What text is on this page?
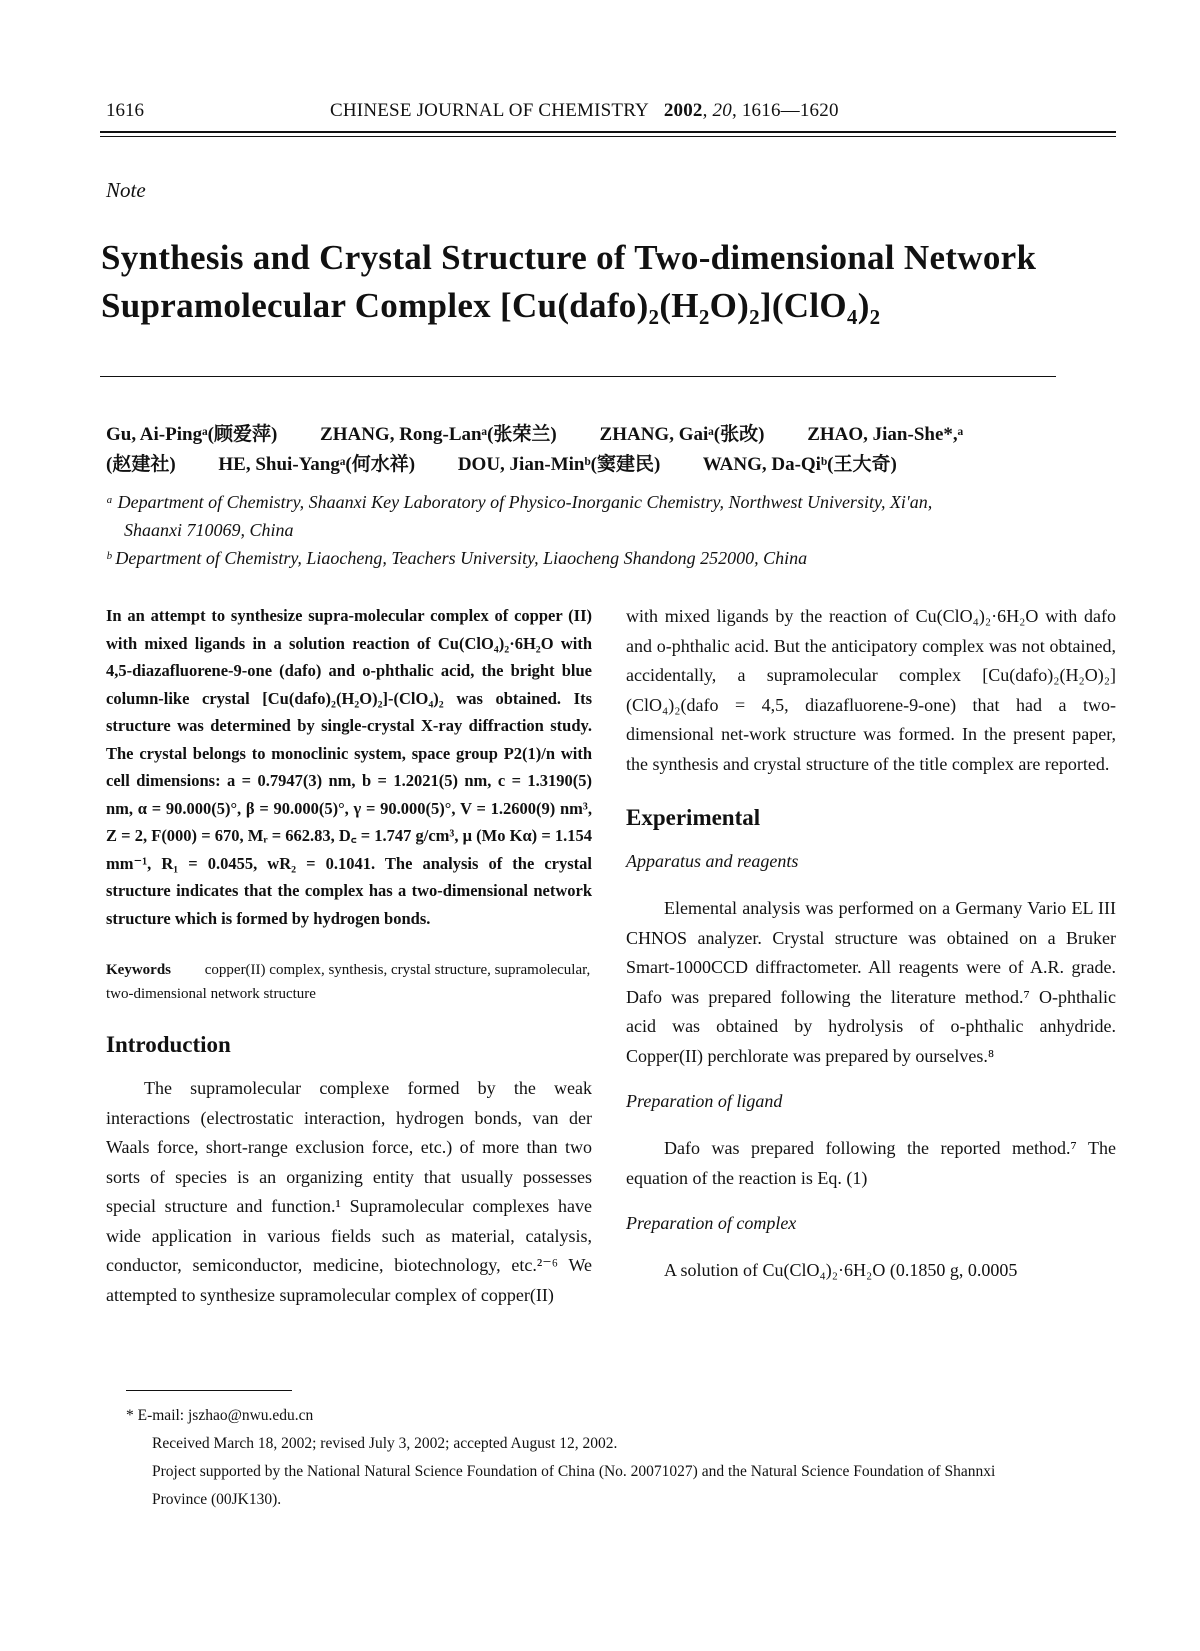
1616	CHINESE JOURNAL OF CHEMISTRY 2002, 20, 1616—1620
Note
Synthesis and Crystal Structure of Two-dimensional Network
Supramolecular Complex [Cu(dafo)₂(H₂O)₂](ClO₄)₂
Gu, Ai-Pingᵃ(顾爱萍) ZHANG, Rong-Lanᵃ(张荣兰) ZHANG, Gaiᵃ(张改) ZHAO, Jian-She*,ᵃ
(赵建社) HE, Shui-Yangᵃ(何水祥) DOU, Jian-Minᵇ(窦建民) WANG, Da-Qiᵇ(王大奇)
ᵃ Department of Chemistry, Shaanxi Key Laboratory of Physico-Inorganic Chemistry, Northwest University, Xi'an,
Shaanxi 710069, China
ᵇ Department of Chemistry, Liaocheng, Teachers University, Liaocheng Shandong 252000, China

In an attempt to synthesize supra-molecular complex of copper (II) with mixed ligands in a solution reaction of Cu(ClO₄)₂·6H₂O with 4,5-diazafluorene-9-one (dafo) and o-phthalic acid, the bright blue column-like crystal [Cu(dafo)₂(H₂O)₂]-(ClO₄)₂ was obtained. Its structure was determined by single-crystal X-ray diffraction study. The crystal belongs to monoclinic system, space group P2(1)/n with cell dimensions: a = 0.7947(3) nm, b = 1.2021(5) nm, c = 1.3190(5) nm, α = 90.000(5)°, β = 90.000(5)°, γ = 90.000(5)°, V = 1.2600(9) nm³, Z = 2, F(000) = 670, Mᵣ = 662.83, D꜀ = 1.747 g/cm³, μ (Mo Kα) = 1.154 mm⁻¹, R₁ = 0.0455, wR₂ = 0.1041. The analysis of the crystal structure indicates that the complex has a two-dimensional network structure which is formed by hydrogen bonds.

Keywords copper(II) complex, synthesis, crystal structure, supramolecular, two-dimensional network structure

Introduction

The supramolecular complexe formed by the weak interactions (electrostatic interaction, hydrogen bonds, van der Waals force, short-range exclusion force, etc.) of more than two sorts of species is an organizing entity that usually possesses special structure and function.¹ Supramolecular complexes have wide application in various fields such as material, catalysis, conductor, semiconductor, medicine, biotechnology, etc.²⁻⁶ We attempted to synthesize supramolecular complex of copper(II)

with mixed ligands by the reaction of Cu(ClO₄)₂·6H₂O with dafo and o-phthalic acid. But the anticipatory complex was not obtained, accidentally, a supramolecular complex [Cu(dafo)₂(H₂O)₂](ClO₄)₂(dafo = 4,5, diazafluorene-9-one) that had a two-dimensional net-work structure was formed. In the present paper, the synthesis and crystal structure of the title complex are reported.

Experimental
Apparatus and reagents

Elemental analysis was performed on a Germany Vario EL III CHNOS analyzer. Crystal structure was obtained on a Bruker Smart-1000CCD diffractometer. All reagents were of A.R. grade. Dafo was prepared following the literature method.⁷ O-phthalic acid was obtained by hydrolysis of o-phthalic anhydride. Copper(II) perchlorate was prepared by ourselves.⁸

Preparation of ligand

Dafo was prepared following the reported method.⁷ The equation of the reaction is Eq. (1)

Preparation of complex

A solution of Cu(ClO₄)₂·6H₂O (0.1850 g, 0.0005

* E-mail: jszhao@nwu.edu.cn
Received March 18, 2002; revised July 3, 2002; accepted August 12, 2002.
Project supported by the National Natural Science Foundation of China (No. 20071027) and the Natural Science Foundation of Shannxi
Province (00JK130).
